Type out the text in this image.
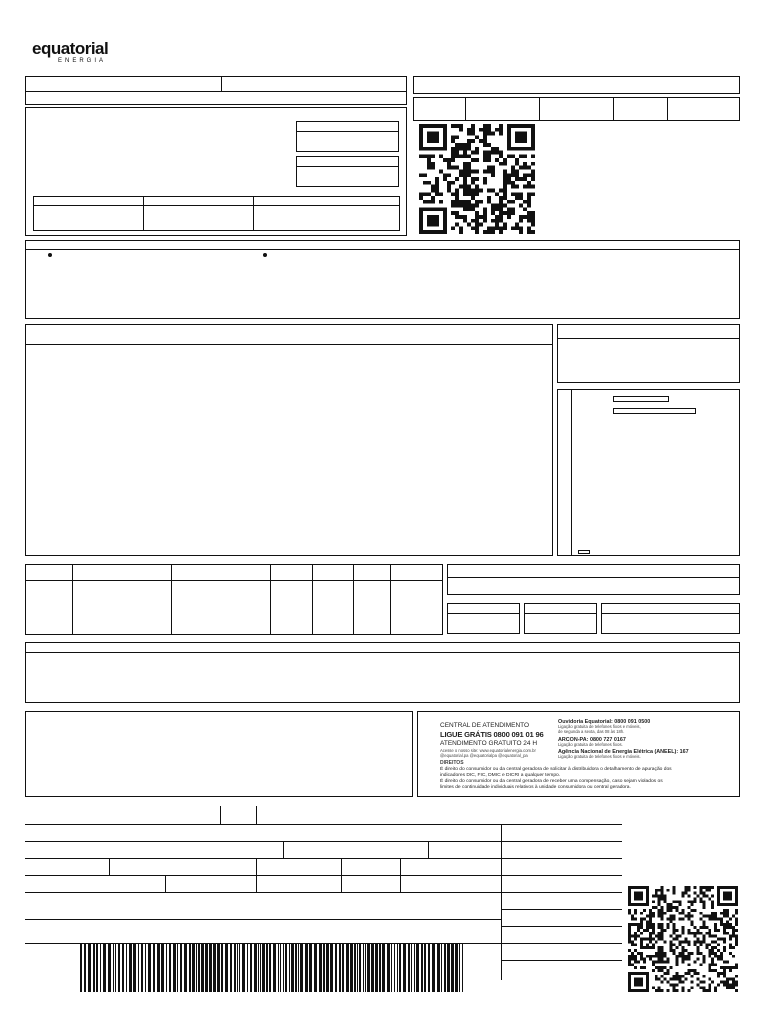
equatorial
ENERGIA
CENTRAL DE ATENDIMENTO
LIGUE GRÁTIS 0800 091 01 96
ATENDIMENTO GRATUITO 24 H
Acesse o nosso site: www.equatorialenergia.com.br
@equatorial.pa @equatorialpa @equatorial_pa
DIREITOS
É direito do consumidor ou da central geradora de solicitar à distribuidora o detalhamento de apuração dos
indicadores DIC, FIC, DMIC e DICRI a qualquer tempo.
É direito do consumidor ou da central geradora de receber uma compensação, caso sejam violados os
limites de continuidade individuais relativos à unidade consumidora ou central geradora.
Ouvidoria Equatorial: 0800 091 0500
Ligação gratuita de telefones fixos e móveis,
de segunda a sexta, das 08 às 18h.
ARCON-PA: 0800 727 0167
Ligação gratuita de telefones fixos.
Agência Nacional de Energia Elétrica (ANEEL): 167
Ligação gratuita de telefones fixos e móveis.
